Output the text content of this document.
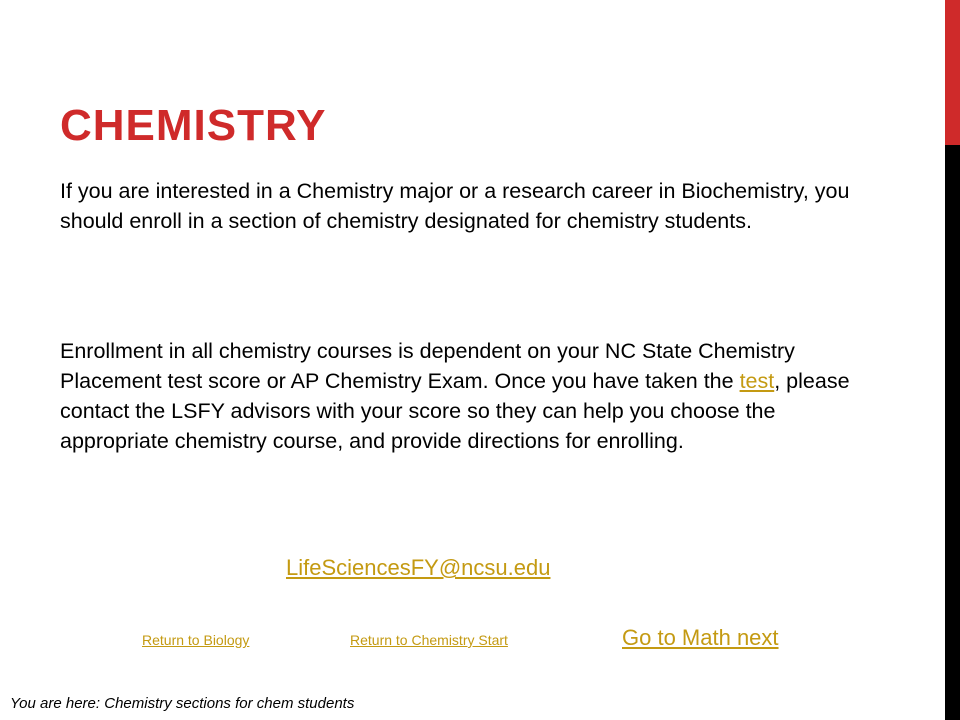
CHEMISTRY

If you are interested in a Chemistry major or a research career in Biochemistry, you should enroll in a section of chemistry designated for chemistry students.

Enrollment in all chemistry courses is dependent on your NC State Chemistry Placement test score or AP Chemistry Exam. Once you have taken the test, please contact the LSFY advisors with your score so they can help you choose the appropriate chemistry course, and provide directions for enrolling.

LifeSciencesFY@ncsu.edu
Return to Biology	Return to Chemistry Start	Go to Math next

You are here: Chemistry sections for chem students
